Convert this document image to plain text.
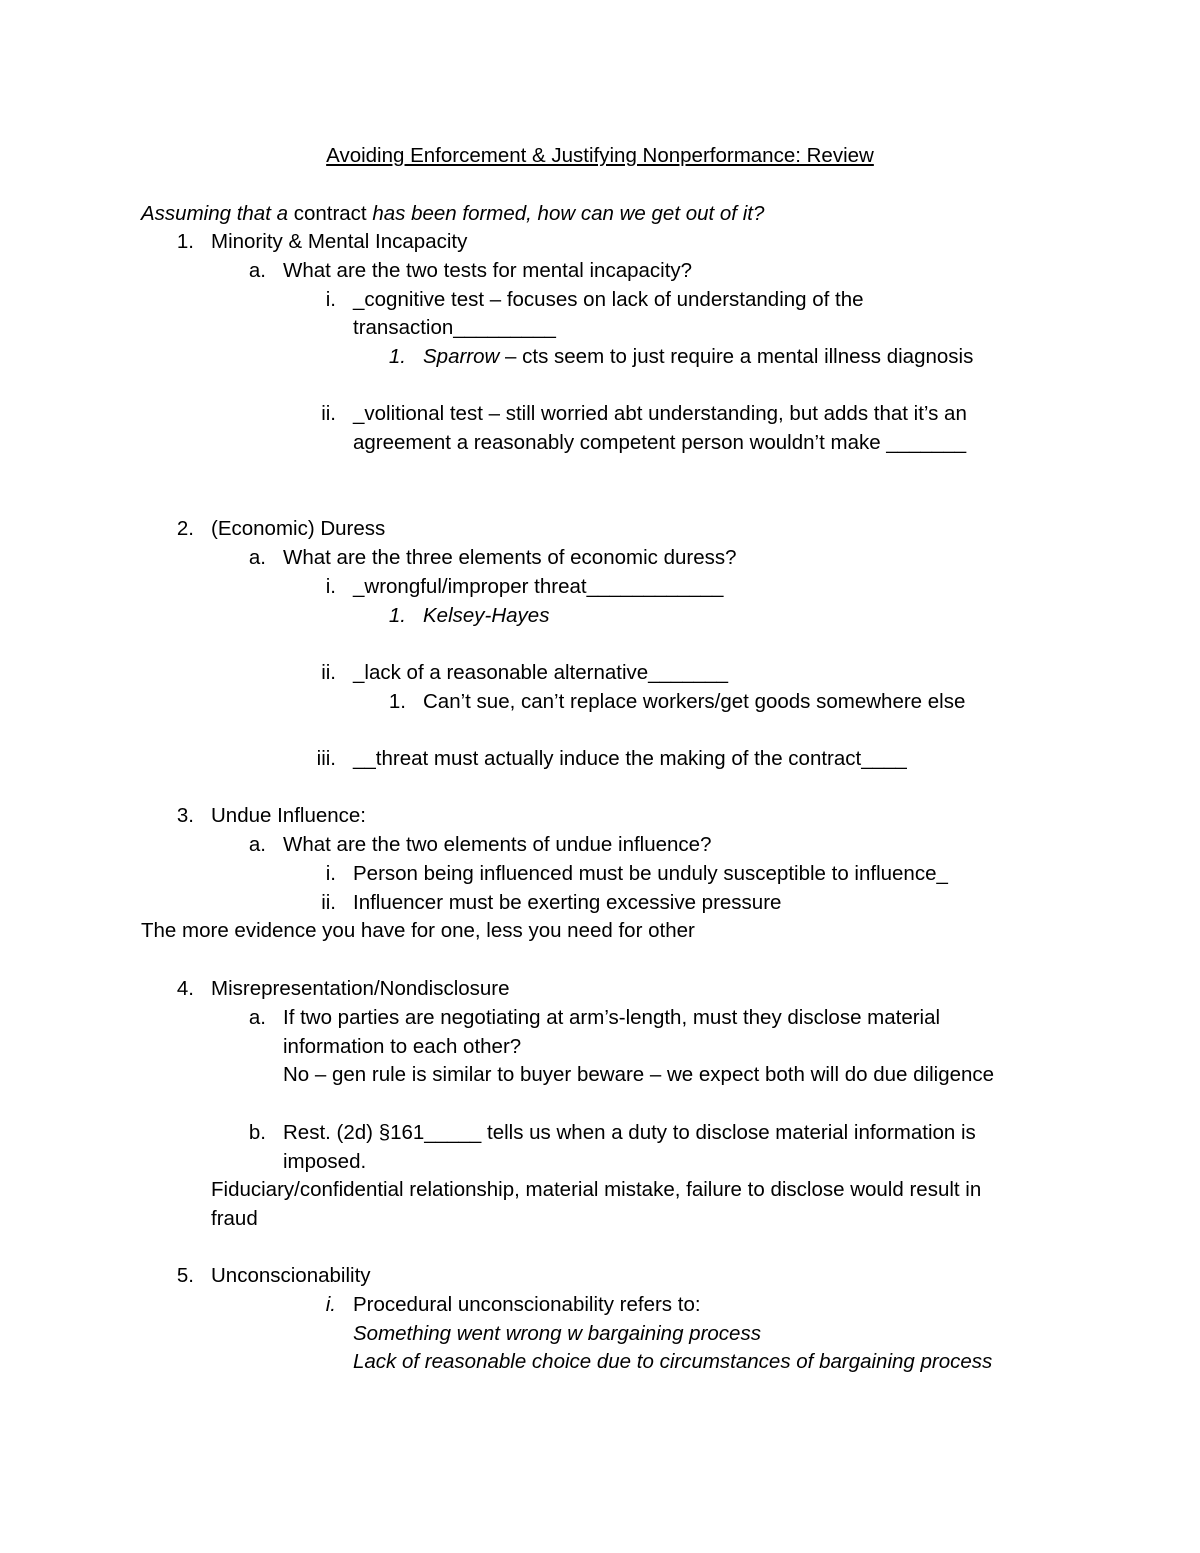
Avoiding Enforcement & Justifying Nonperformance: Review
Assuming that a contract has been formed, how can we get out of it?
1. Minority & Mental Incapacity
a. What are the two tests for mental incapacity?
i. _cognitive test – focuses on lack of understanding of the
transaction_________
1. Sparrow – cts seem to just require a mental illness diagnosis
ii. _volitional test – still worried abt understanding, but adds that it’s an
agreement a reasonably competent person wouldn’t make _______
2. (Economic) Duress
a. What are the three elements of economic duress?
i. _wrongful/improper threat____________
1. Kelsey-Hayes
ii. _lack of a reasonable alternative_______
1. Can’t sue, can’t replace workers/get goods somewhere else
iii. __threat must actually induce the making of the contract____
3. Undue Influence:
a. What are the two elements of undue influence?
i. Person being influenced must be unduly susceptible to influence_
ii. Influencer must be exerting excessive pressure
The more evidence you have for one, less you need for other
4. Misrepresentation/Nondisclosure
a. If two parties are negotiating at arm’s-length, must they disclose material
information to each other?
No – gen rule is similar to buyer beware – we expect both will do due diligence
b. Rest. (2d) §161_____ tells us when a duty to disclose material information is
imposed.
Fiduciary/confidential relationship, material mistake, failure to disclose would result in
fraud
5. Unconscionability
i. Procedural unconscionability refers to:
Something went wrong w bargaining process
Lack of reasonable choice due to circumstances of bargaining process
